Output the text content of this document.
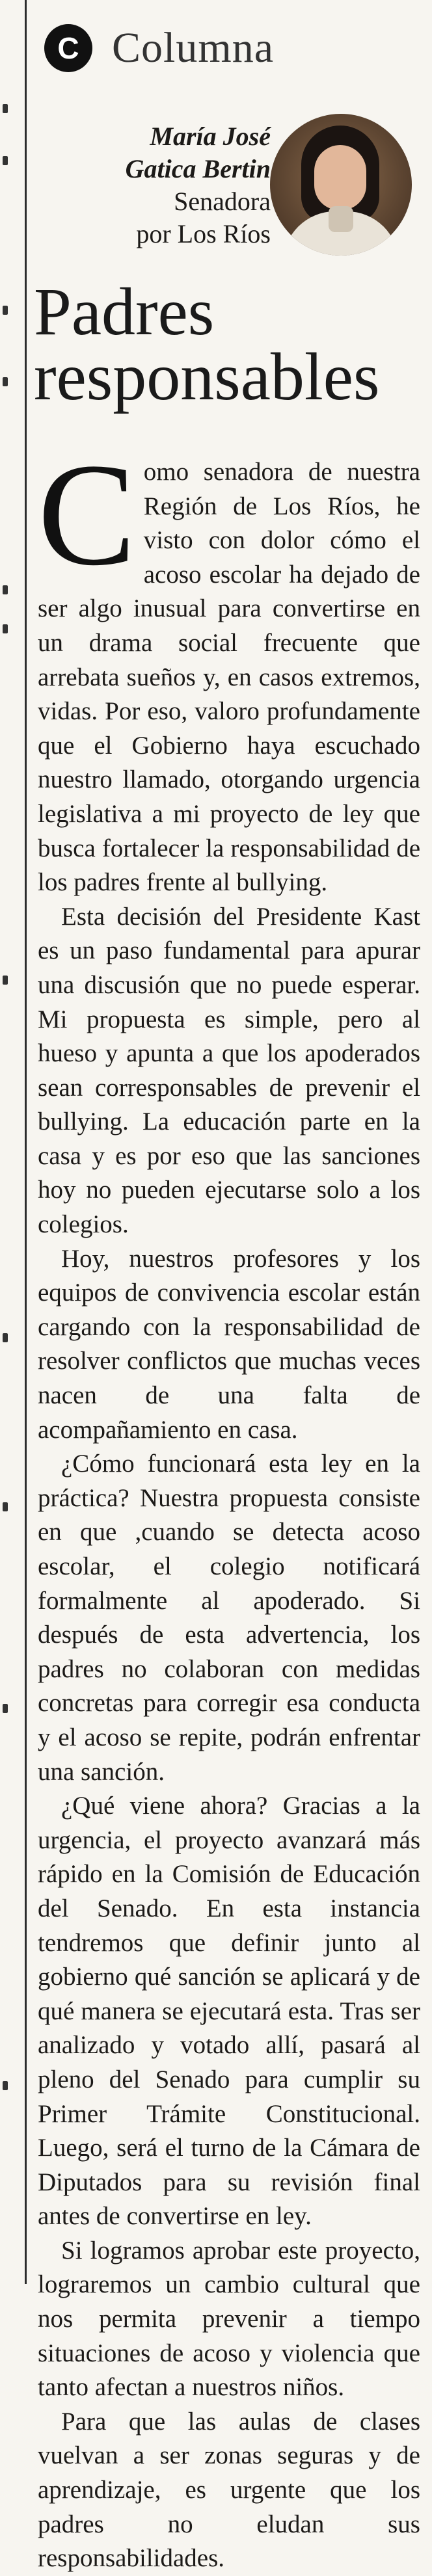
C Columna
María José
Gatica Bertin
Senadora
por Los Ríos
Padres
responsables

Como senadora de nuestra Región de Los Ríos, he visto con dolor cómo el acoso escolar ha dejado de ser algo inusual para convertirse en un drama social frecuente que arrebata sueños y, en casos extremos, vidas. Por eso, valoro profundamente que el Gobierno haya escuchado nuestro llamado, otorgando urgencia legislativa a mi proyecto de ley que busca fortalecer la responsabilidad de los padres frente al bullying.

Esta decisión del Presidente Kast es un paso fundamental para apurar una discusión que no puede esperar. Mi propuesta es simple, pero al hueso y apunta a que los apoderados sean corresponsables de prevenir el bullying. La educación parte en la casa y es por eso que las sanciones hoy no pueden ejecutarse solo a los colegios.

Hoy, nuestros profesores y los equipos de convivencia escolar están cargando con la responsabilidad de resolver conflictos que muchas veces nacen de una falta de acompañamiento en casa.

¿Cómo funcionará esta ley en la práctica? Nuestra propuesta consiste en que ,cuando se detecta acoso escolar, el colegio notificará formalmente al apoderado. Si después de esta advertencia, los padres no colaboran con medidas concretas para corregir esa conducta y el acoso se repite, podrán enfrentar una sanción.

¿Qué viene ahora? Gracias a la urgencia, el proyecto avanzará más rápido en la Comisión de Educación del Senado. En esta instancia tendremos que definir junto al gobierno qué sanción se aplicará y de qué manera se ejecutará esta. Tras ser analizado y votado allí, pasará al pleno del Senado para cumplir su Primer Trámite Constitucional. Luego, será el turno de la Cámara de Diputados para su revisión final antes de convertirse en ley.

Si logramos aprobar este proyecto, lograremos un cambio cultural que nos permita prevenir a tiempo situaciones de acoso y violencia que tanto afectan a nuestros niños.

Para que las aulas de clases vuelvan a ser zonas seguras y de aprendizaje, es urgente que los padres no eludan sus responsabilidades.
